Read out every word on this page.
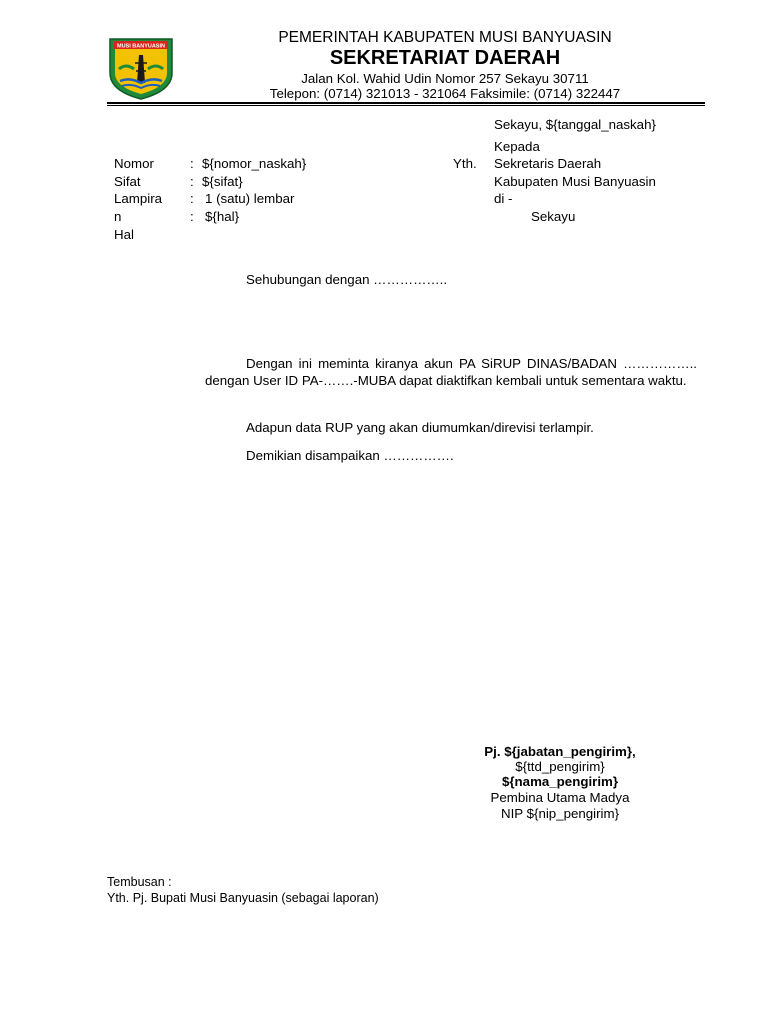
MUSI BANYUASIN
PEMERINTAH KABUPATEN MUSI BANYUASIN
SEKRETARIAT DAERAH
Jalan Kol. Wahid Udin Nomor 257 Sekayu 30711
Telepon: (0714) 321013 - 321064 Faksimile: (0714) 322447
Sekayu, ${tanggal_naskah}
Kepada
Yth. Sekretaris Daerah
Kabupaten Musi Banyuasin
di -
Sekayu
Nomor	: ${nomor_naskah}
Sifat	: ${sifat}
Lampira : 1 (satu) lembar
n	: ${hal}
Hal
Sehubungan dengan ……………..
Dengan ini meminta kiranya akun PA SiRUP DINAS/BADAN …………….. dengan User ID PA-…….-MUBA dapat diaktifkan kembali untuk sementara waktu.
Adapun data RUP yang akan diumumkan/direvisi terlampir.
Demikian disampaikan …………….
Pj. ${jabatan_pengirim},
${ttd_pengirim}
${nama_pengirim}
Pembina Utama Madya
NIP ${nip_pengirim}
Tembusan :
Yth. Pj. Bupati Musi Banyuasin (sebagai laporan)
